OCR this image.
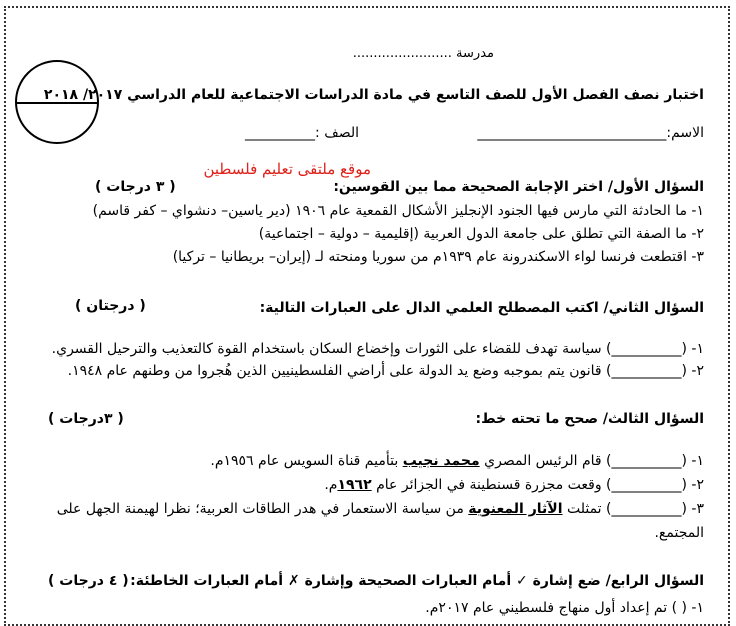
مدرسة ........................
اختبار نصف الفصل الأول للصف التاسع في مادة الدراسات الاجتماعية للعام الدراسي ٢٠١٧/ ٢٠١٨
الاسم:___________________________
الصف :__________
موقع ملتقى تعليم فلسطين
السؤال الأول/ اختر الإجابة الصحيحة مما بين القوسين:
( ٣ درجات )
١- ما الحادثة التي مارس فيها الجنود الإنجليز الأشكال القمعية عام ١٩٠٦ (دير ياسين– دنشواي – كفر قاسم)
٢- ما الصفة التي تطلق على جامعة الدول العربية (إقليمية – دولية – اجتماعية)
٣- اقتطعت فرنسا لواء الاسكندرونة عام ١٩٣٩م من سوريا ومنحته لـ (إيران– بريطانيا – تركيا)
السؤال الثاني/ اكتب المصطلح العلمي الدال على العبارات التالية:
( درجتان )
١- (__________) سياسة تهدف للقضاء على الثورات وإخضاع السكان باستخدام القوة كالتعذيب والترحيل القسري.
٢- (__________) قانون يتم بموجبه وضع يد الدولة على أراضي الفلسطينيين الذين هُجروا من وطنهم عام ١٩٤٨.
السؤال الثالث/ صحح ما تحته خط:
( ٣درجات )
١- (__________) قام الرئيس المصري محمد نجيب بتأميم قناة السويس عام ١٩٥٦م.
٢- (__________) وقعت مجزرة قسنطينة في الجزائر عام ١٩٦٢م.
٣- (__________) تمثلت الآثار المعنوية من سياسة الاستعمار في هدر الطاقات العربية؛ نظرا لهيمنة الجهل على
المجتمع.
السؤال الرابع/ ضع إشارة ✓ أمام العبارات الصحيحة وإشارة ✗ أمام العبارات الخاطئة:
( ٤ درجات )
١- ( ) تم إعداد أول منهاج فلسطيني عام ٢٠١٧م.
